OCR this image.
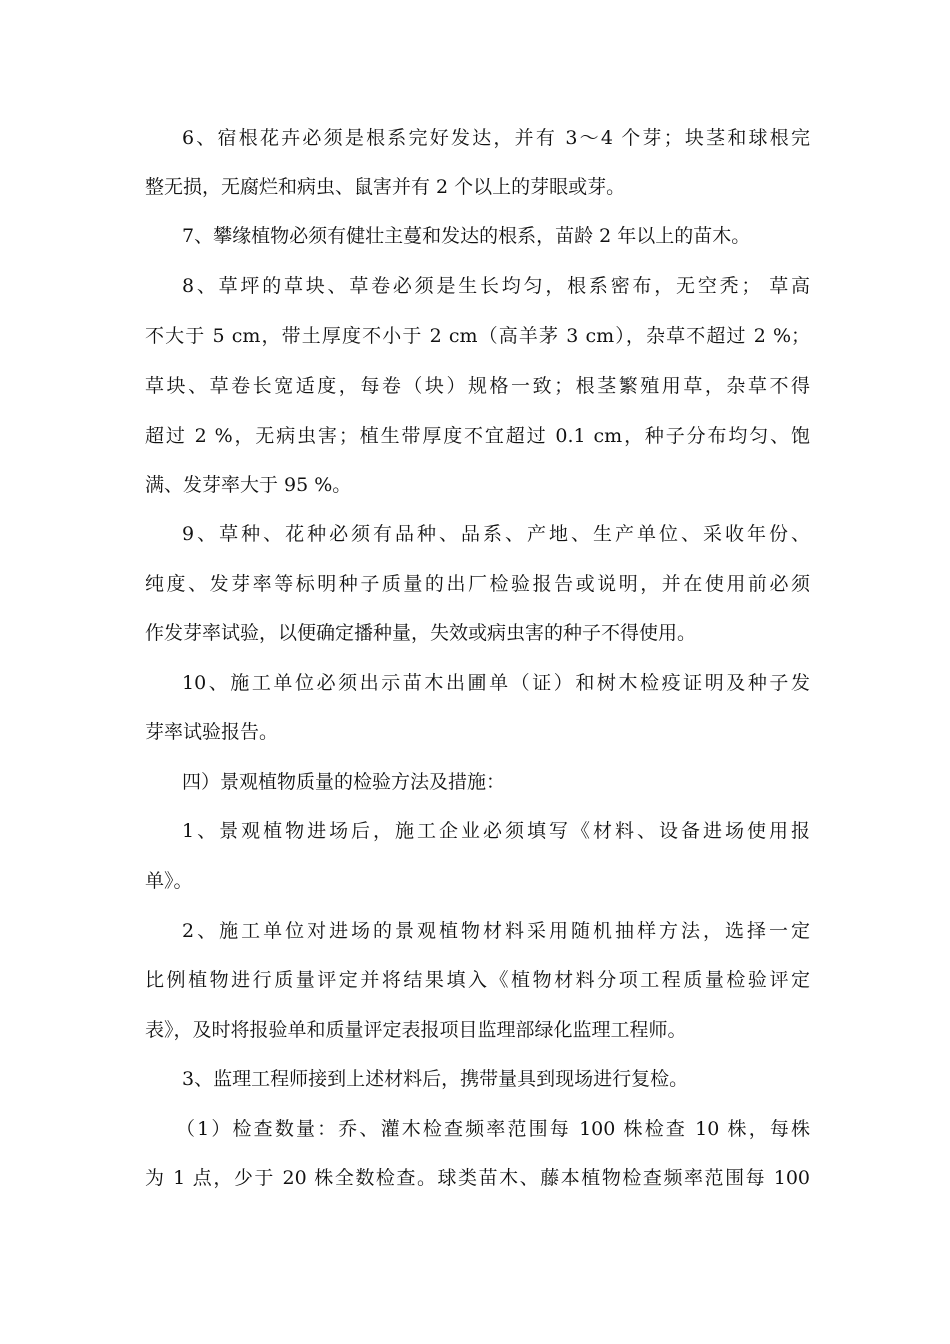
6、宿根花卉必须是根系完好发达，并有 3～4 个芽；块茎和球根完
整无损，无腐烂和病虫、鼠害并有 2 个以上的芽眼或芽。
7、攀缘植物必须有健壮主蔓和发达的根系，苗龄 2 年以上的苗木。
8、草坪的草块、草卷必须是生长均匀，根系密布，无空秃； 草高
不大于 5 cm，带土厚度不小于 2 cm（高羊茅 3 cm），杂草不超过 2 %；
草块、草卷长宽适度，每卷（块）规格一致；根茎繁殖用草，杂草不得
超过 2 %，无病虫害；植生带厚度不宜超过 0.1 cm，种子分布均匀、饱
满、发芽率大于 95 %。
9、草种、花种必须有品种、品系、产地、生产单位、采收年份、
纯度、发芽率等标明种子质量的出厂检验报告或说明，并在使用前必须
作发芽率试验，以便确定播种量，失效或病虫害的种子不得使用。
10、施工单位必须出示苗木出圃单（证）和树木检疫证明及种子发
芽率试验报告。
四）景观植物质量的检验方法及措施：
1、景观植物进场后，施工企业必须填写《材料、设备进场使用报
单》。
2、施工单位对进场的景观植物材料采用随机抽样方法，选择一定
比例植物进行质量评定并将结果填入《植物材料分项工程质量检验评定
表》，及时将报验单和质量评定表报项目监理部绿化监理工程师。
3、监理工程师接到上述材料后，携带量具到现场进行复检。
（1）检查数量：乔、灌木检查频率范围每 100 株检查 10 株，每株
为 1 点，少于 20 株全数检查。球类苗木、藤本植物检查频率范围每 100
